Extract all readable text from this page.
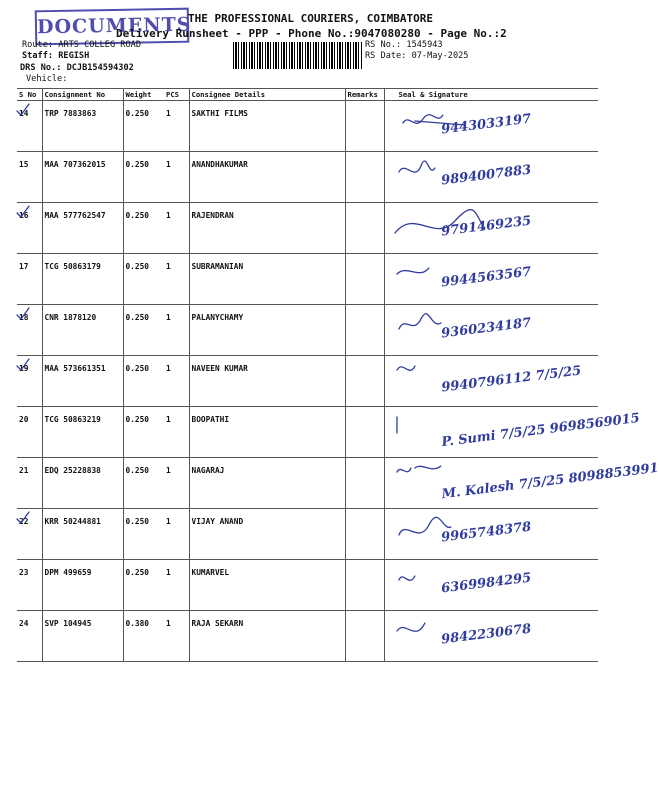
DOCUMENTS
THE PROFESSIONAL COURIERS, COIMBATORE
Delivery Runsheet - PPP - Phone No.:9047080280 - Page No.:2
Route: ARTS COLLEG ROAD
Staff: REGISH
DRS No.: DCJB154594302
Vehicle:
RS No.: 1545943
RS Date: 07-May-2025
S No	Consignment No	Weight	PCS	Consignee Details	Remarks	Seal & Signature
14	TRP 7883863	0.250	1	SAKTHI FILMS		9443033197

15	MAA 707362015	0.250	1	ANANDHAKUMAR		9894007883

16	MAA 577762547	0.250	1	RAJENDRAN		9791469235

17	TCG 50863179	0.250	1	SUBRAMANIAN		9944563567

18	CNR 1878120	0.250	1	PALANYCHAMY		9360234187

19	MAA 573661351	0.250	1	NAVEEN KUMAR		9940796112 7/5/25

20	TCG 50863219	0.250	1	BOOPATHI		P. Sumi 7/5/25 9698569015

21	EDQ 25228838	0.250	1	NAGARAJ		M. Kalesh 7/5/25 8098853991

22	KRR 50244881	0.250	1	VIJAY ANAND		9965748378

23	DPM 499659	0.250	1	KUMARVEL		6369984295

24	SVP 104945	0.380	1	RAJA SEKARN		9842230678
